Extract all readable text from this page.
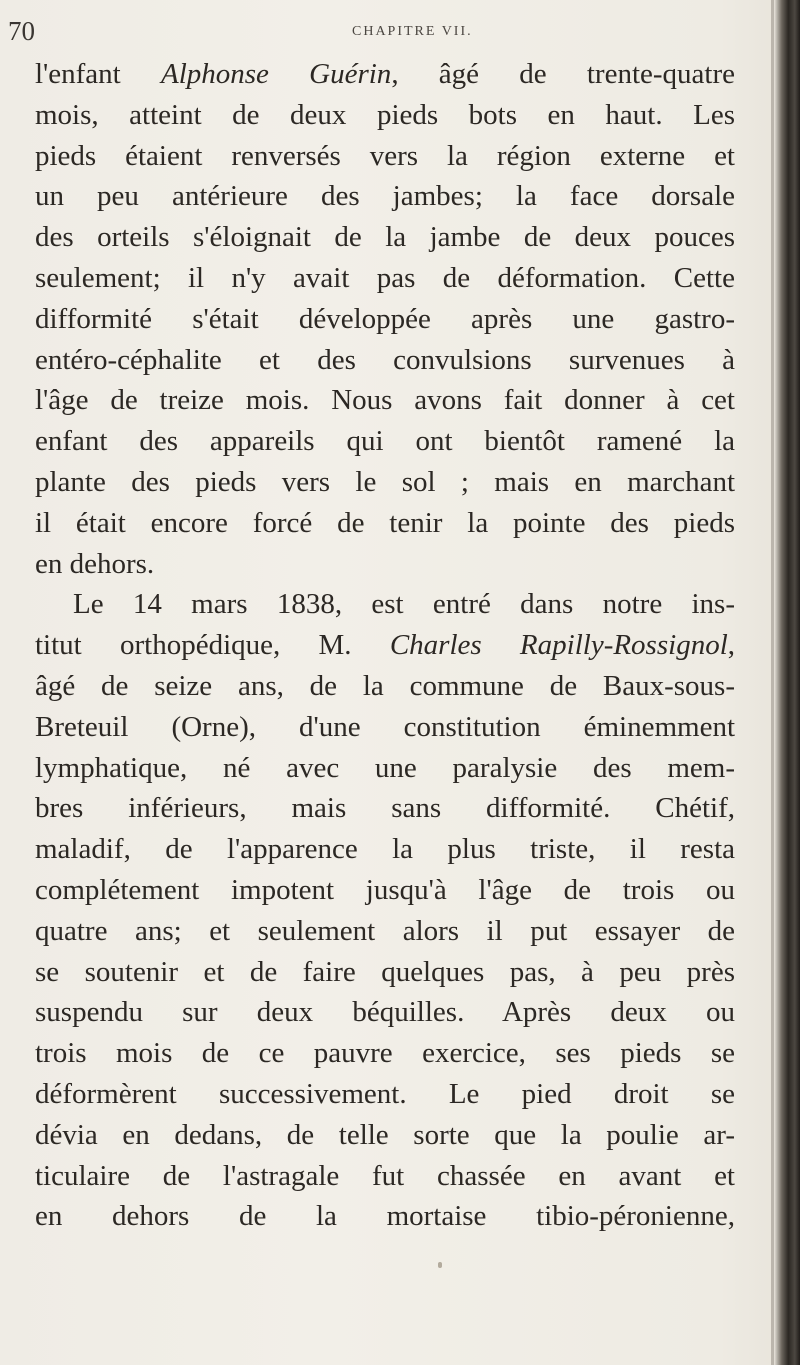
70	CHAPITRE VII.
l'enfant Alphonse Guérin, âgé de trente-quatre
mois, atteint de deux pieds bots en haut. Les
pieds étaient renversés vers la région externe et
un peu antérieure des jambes; la face dorsale
des orteils s'éloignait de la jambe de deux pouces
seulement; il n'y avait pas de déformation. Cette
difformité s'était développée après une gastro-
entéro-céphalite et des convulsions survenues à
l'âge de treize mois. Nous avons fait donner à cet
enfant des appareils qui ont bientôt ramené la
plante des pieds vers le sol ; mais en marchant
il était encore forcé de tenir la pointe des pieds
en dehors.
Le 14 mars 1838, est entré dans notre ins-
titut orthopédique, M. Charles Rapilly-Rossignol,
âgé de seize ans, de la commune de Baux-sous-
Breteuil (Orne), d'une constitution éminemment
lymphatique, né avec une paralysie des mem-
bres inférieurs, mais sans difformité. Chétif,
maladif, de l'apparence la plus triste, il resta
complétement impotent jusqu'à l'âge de trois ou
quatre ans; et seulement alors il put essayer de
se soutenir et de faire quelques pas, à peu près
suspendu sur deux béquilles. Après deux ou
trois mois de ce pauvre exercice, ses pieds se
déformèrent successivement. Le pied droit se
dévia en dedans, de telle sorte que la poulie ar-
ticulaire de l'astragale fut chassée en avant et
en dehors de la mortaise tibio-péronienne,
